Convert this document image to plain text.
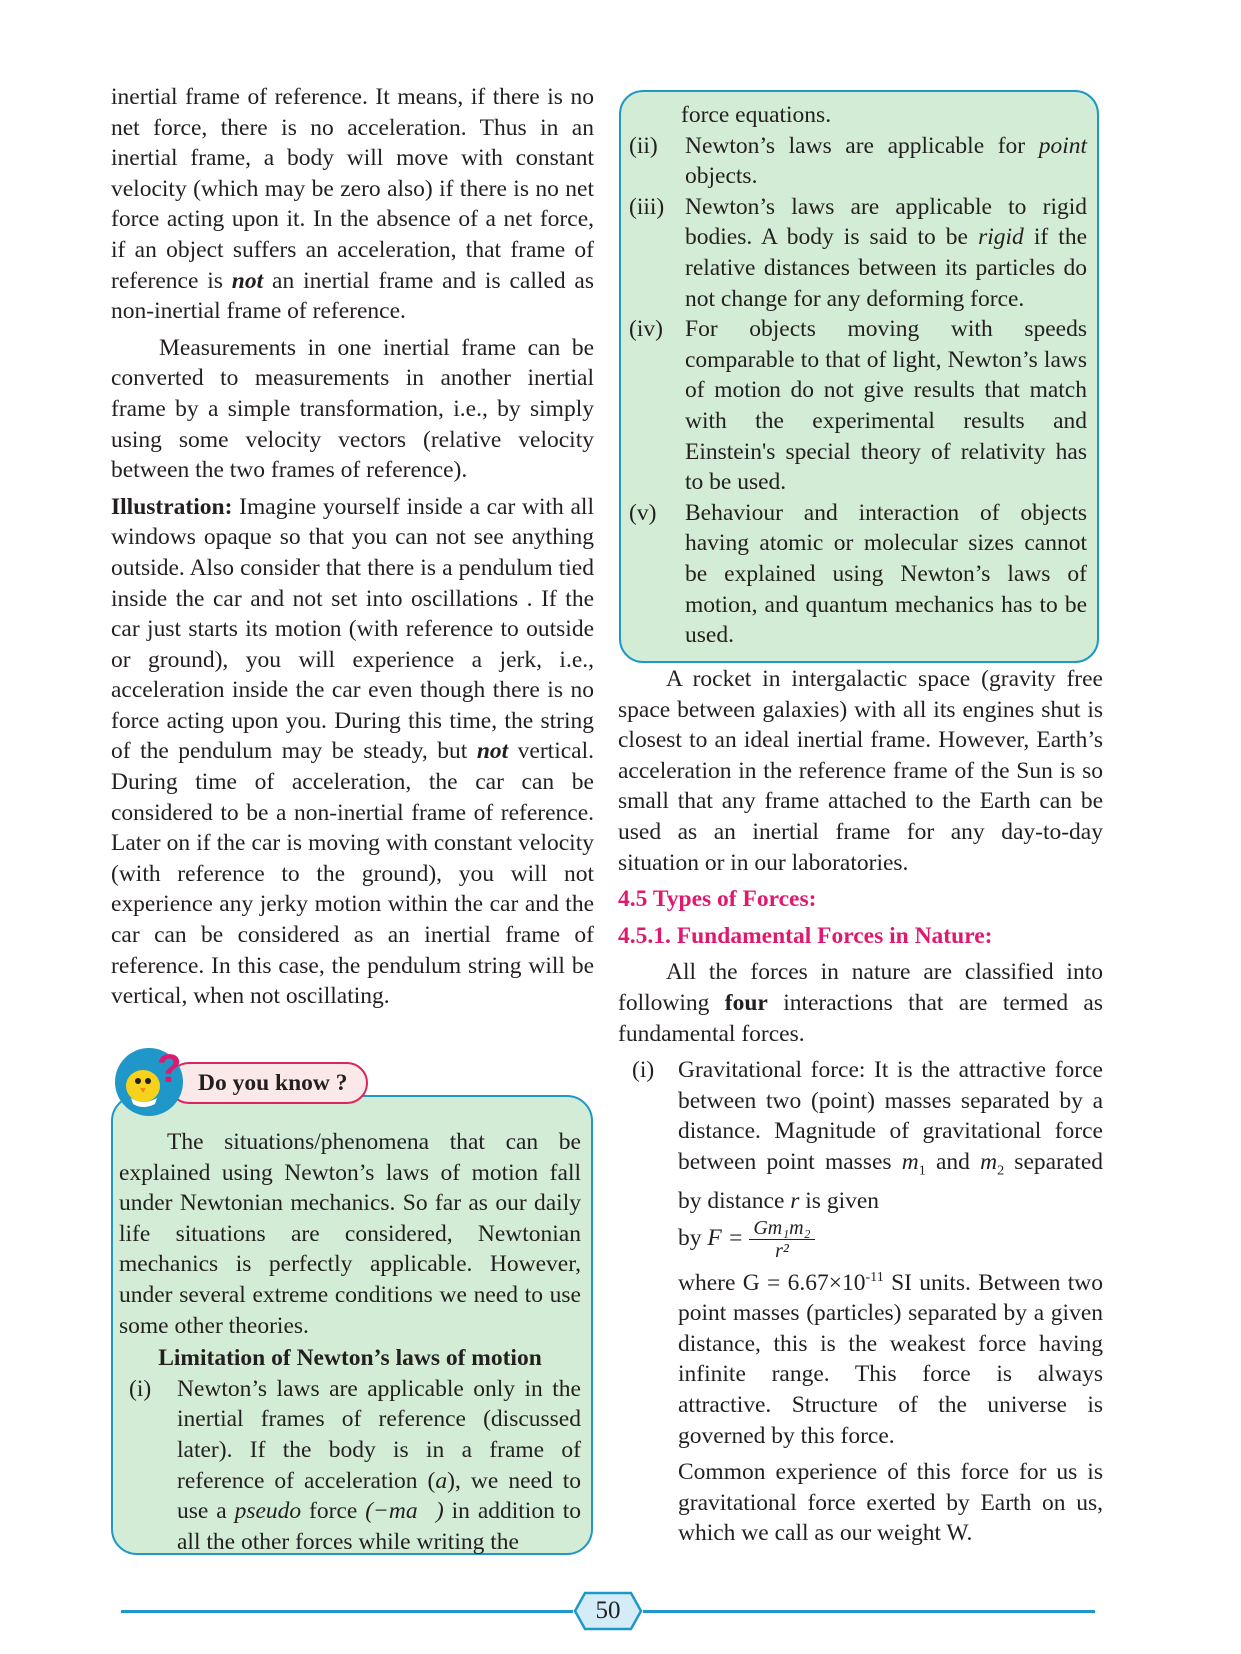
inertial frame of reference. It means, if there is no net force, there is no acceleration. Thus in an inertial frame, a body will move with constant velocity (which may be zero also) if there is no net force acting upon it. In the absence of a net force, if an object suffers an acceleration, that frame of reference is not an inertial frame and is called as non-inertial frame of reference.

Measurements in one inertial frame can be converted to measurements in another inertial frame by a simple transformation, i.e., by simply using some velocity vectors (relative velocity between the two frames of reference).

Illustration: Imagine yourself inside a car with all windows opaque so that you can not see anything outside. Also consider that there is a pendulum tied inside the car and not set into oscillations . If the car just starts its motion (with reference to outside or ground), you will experience a jerk, i.e., acceleration inside the car even though there is no force acting upon you. During this time, the string of the pendulum may be steady, but not vertical. During time of acceleration, the car can be considered to be a non-inertial frame of reference. Later on if the car is moving with constant velocity (with reference to the ground), you will not experience any jerky motion within the car and the car can be considered as an inertial frame of reference. In this case, the pendulum string will be vertical, when not oscillating.

? Do you know ?

The situations/phenomena that can be explained using Newton’s laws of motion fall under Newtonian mechanics. So far as our daily life situations are considered, Newtonian mechanics is perfectly applicable. However, under several extreme conditions we need to use some other theories.

Limitation of Newton’s laws of motion
(i)	Newton’s laws are applicable only in the inertial frames of reference (discussed later). If the body is in a frame of reference of acceleration (a), we need to use a pseudo force (−ma⃗) in addition to all the other forces while writing the
force equations.
(ii)	Newton’s laws are applicable for point objects.
(iii) Newton’s laws are applicable to rigid bodies. A body is said to be rigid if the relative distances between its particles do not change for any deforming force.
(iv) For objects moving with speeds comparable to that of light, Newton’s laws of motion do not give results that match with the experimental results and Einstein's special theory of relativity has to be used.
(v)	Behaviour and interaction of objects having atomic or molecular sizes cannot be explained using Newton’s laws of motion, and quantum mechanics has to be used.

A rocket in intergalactic space (gravity free space between galaxies) with all its engines shut is closest to an ideal inertial frame. However, Earth’s acceleration in the reference frame of the Sun is so small that any frame attached to the Earth can be used as an inertial frame for any day-to-day situation or in our laboratories.

4.5 Types of Forces:

4.5.1. Fundamental Forces in Nature:

All the forces in nature are classified into following four interactions that are termed as fundamental forces.

(i)	Gravitational force: It is the attractive force between two (point) masses separated by a distance. Magnitude of gravitational force between point masses $m_1$ and $m_2$ separated by distance r is given
by $F = \frac{\text{Gm₁m₂}}{\text{r²}}$

where $G = 6.67\times 10^{-11}$ SI units. Between two point masses (particles) separated by a given distance, this is the weakest force having infinite range. This force is always attractive. Structure of the universe is governed by this force.
Common experience of this force for us is gravitational force exerted by Earth on us, which we call as our weight W.
50
